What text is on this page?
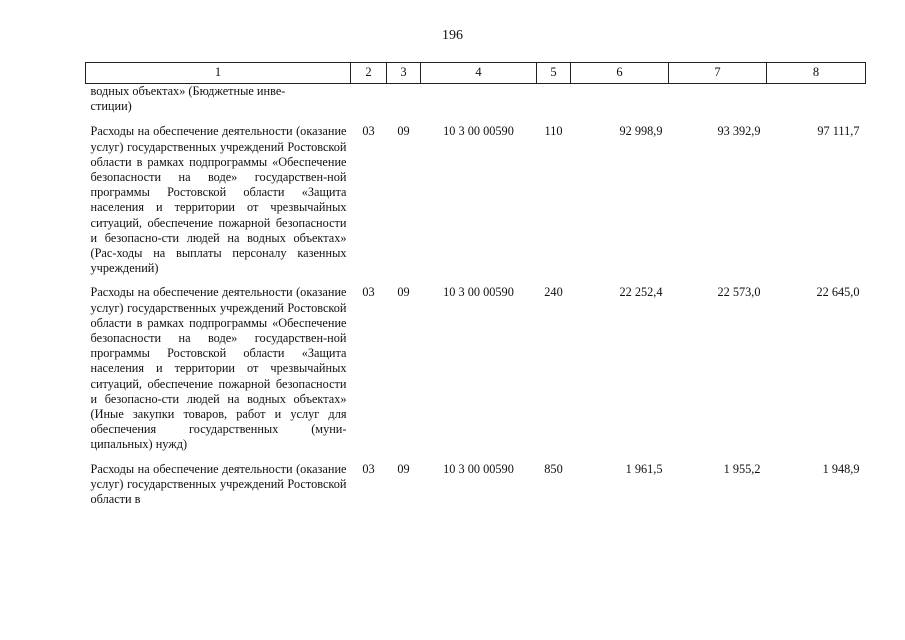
196
1	2	3	4	5	6	7	8
водных объектах» (Бюджетные инве-
стиции)							
Расходы на обеспечение деятельности (оказание услуг) государственных учреждений Ростовской области в рамках подпрограммы «Обеспечение безопасности на воде» государствен-ной программы Ростовской области «Защита населения и территории от чрезвычайных ситуаций, обеспечение пожарной безопасности и безопасно-сти людей на водных объектах» (Рас-ходы на выплаты персоналу казенных учреждений)	03	09	10 3 00 00590	110	92 998,9	93 392,9	97 111,7
Расходы на обеспечение деятельности (оказание услуг) государственных учреждений Ростовской области в рамках подпрограммы «Обеспечение безопасности на воде» государствен-ной программы Ростовской области «Защита населения и территории от чрезвычайных ситуаций, обеспечение пожарной безопасности и безопасно-сти людей на водных объектах» (Иные закупки товаров, работ и услуг для обеспечения государственных (муни-ципальных) нужд)	03	09	10 3 00 00590	240	22 252,4	22 573,0	22 645,0
Расходы на обеспечение деятельности (оказание услуг) государственных учреждений Ростовской области в	03	09	10 3 00 00590	850	1 961,5	1 955,2	1 948,9
